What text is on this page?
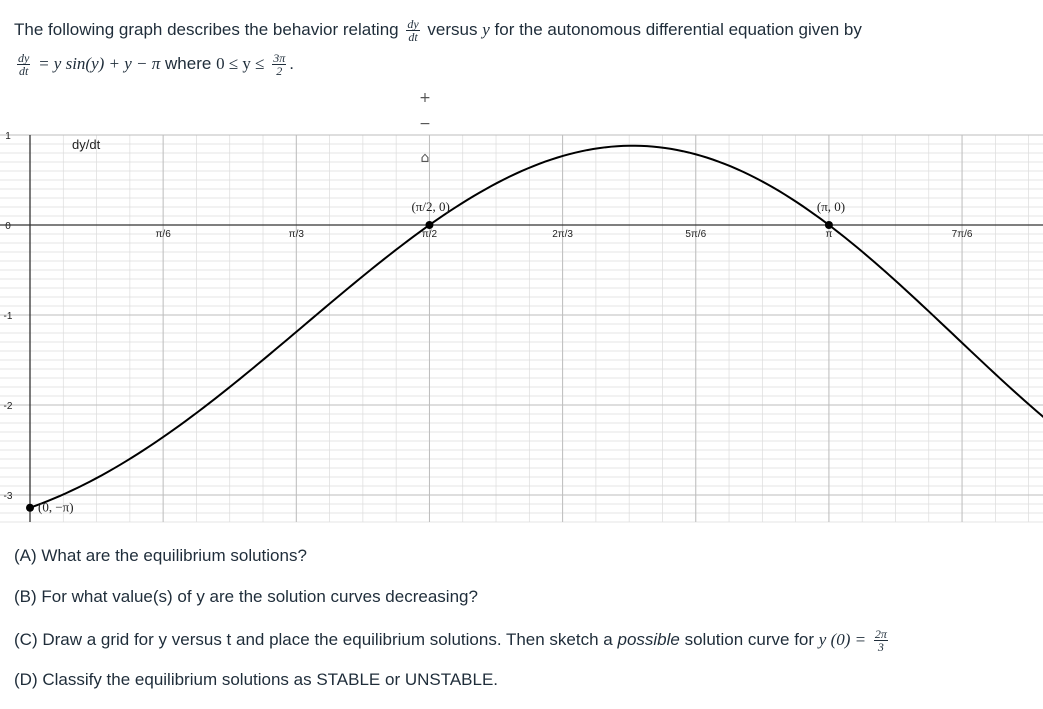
The following graph describes the behavior relating $\frac{dy}{dt}$ versus y for the autonomous differential equation given by
$\frac{dy}{dt} = y$ sin(y) + y − π where $0 \le y \le \frac{3\pi}{2}$ .
π/6	π/3	π/2	2π/3	5π/6	π	7π/6
1
0
-1
-2
-3
dy/dt
(π/2, 0)	(π, 0)
(0, −π)
+
−
⌂
(A) What are the equilibrium solutions?
(B) For what value(s) of y are the solution curves decreasing?
(C) Draw a grid for y versus t and place the equilibrium solutions. Then sketch a possible solution curve for y $(0) = \frac{2\pi}{3}$
(D) Classify the equilibrium solutions as STABLE or UNSTABLE.
